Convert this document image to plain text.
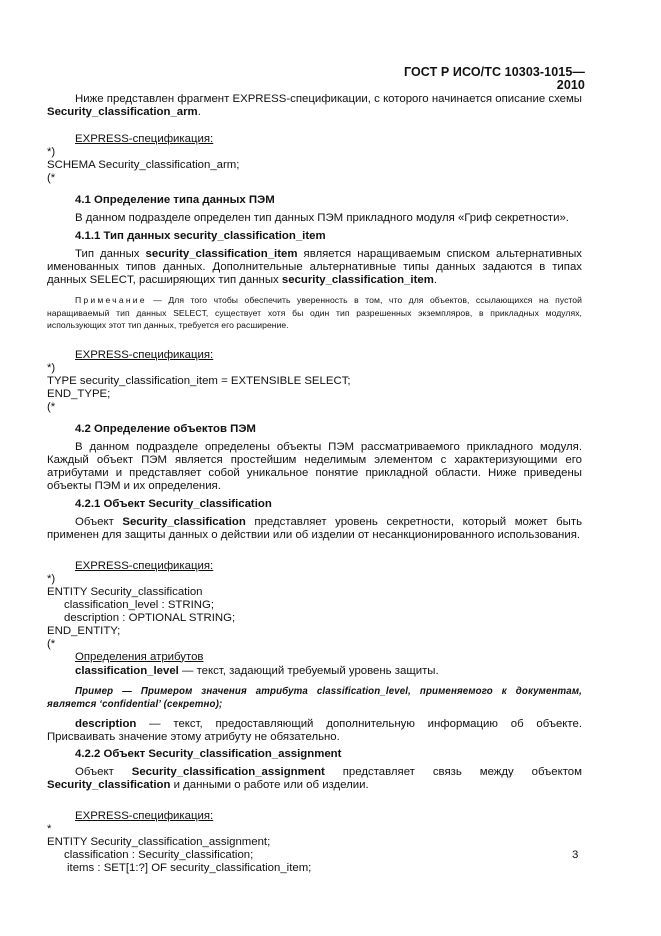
ГОСТ Р ИСО/ТС 10303-1015—2010

Ниже представлен фрагмент EXPRESS-спецификации, с которого начинается описание схемы Security_classification_arm.

EXPRESS-спецификация:

*)
SCHEMA Security_classification_arm;
(*

4.1 Определение типа данных ПЭМ

В данном подразделе определен тип данных ПЭМ прикладного модуля «Гриф секретности».

4.1.1 Тип данных security_classification_item

Тип данных security_classification_item является наращиваемым списком альтернативных именованных типов данных. Дополнительные альтернативные типы данных задаются в типах данных SELECT, расширяющих тип данных security_classification_item.

Примечание — Для того чтобы обеспечить уверенность в том, что для объектов, ссылающихся на пустой наращиваемый тип данных SELECT, существует хотя бы один тип разрешенных экземпляров, в прикладных модулях, использующих этот тип данных, требуется его расширение.

EXPRESS-спецификация:

*)
TYPE security_classification_item = EXTENSIBLE SELECT;
END_TYPE;
(*

4.2 Определение объектов ПЭМ

В данном подразделе определены объекты ПЭМ рассматриваемого прикладного модуля. Каждый объект ПЭМ является простейшим неделимым элементом с характеризующими его атрибутами и представляет собой уникальное понятие прикладной области. Ниже приведены объекты ПЭМ и их определения.

4.2.1 Объект Security_classification

Объект Security_classification представляет уровень секретности, который может быть применен для защиты данных о действии или об изделии от несанкционированного использования.

EXPRESS-спецификация:

*)
ENTITY Security_classification
classification_level : STRING;
description : OPTIONAL STRING;
END_ENTITY;
(*

Определения атрибутов

classification_level — текст, задающий требуемый уровень защиты.

Пример — Примером значения атрибута classification_level, применяемого к документам, является ‘confidential’ (секретно);

description — текст, предоставляющий дополнительную информацию об объекте. Присваивать значение этому атрибуту не обязательно.

4.2.2 Объект Security_classification_assignment

Объект Security_classification_assignment представляет связь между объектом

Security_classification и данными о работе или об изделии.

EXPRESS-спецификация:

*
ENTITY Security_classification_assignment;
classification : Security_classification;
items : SET[1:?] OF security_classification_item;
3
